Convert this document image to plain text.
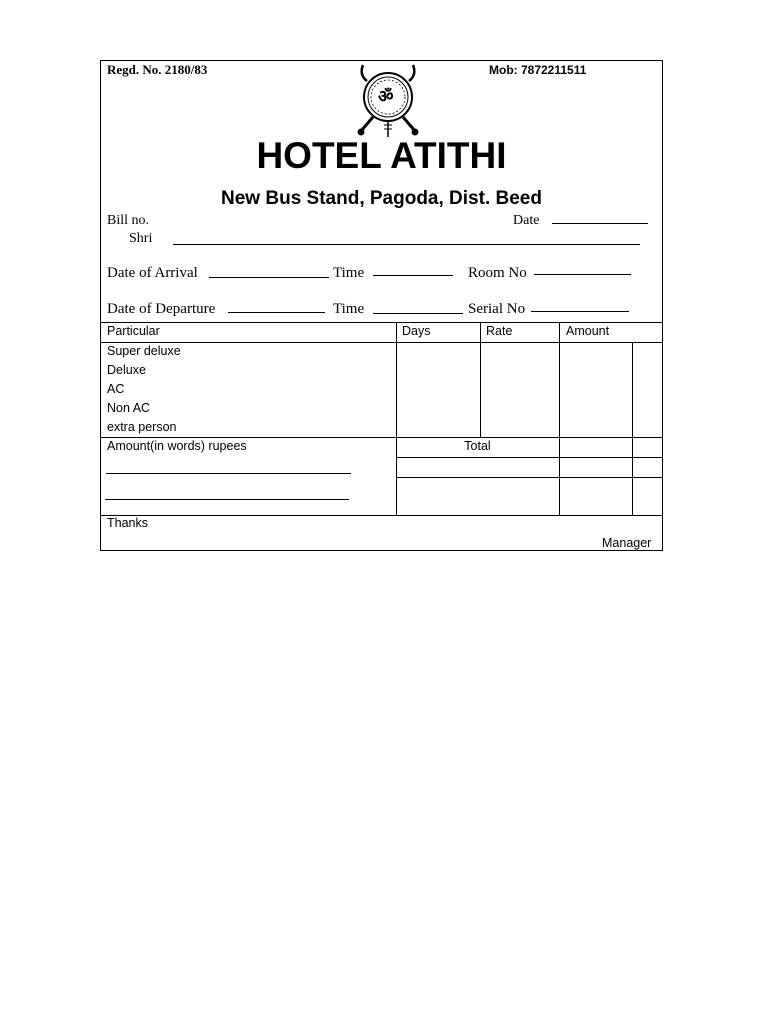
Regd. No. 2180/83	Mob: 7872211511
ॐ
HOTEL ATITHI
New Bus Stand, Pagoda, Dist. Beed
Bill no.	Date
Shri
Date of Arrival	Time	Room No
Date of Departure	Time	Serial No
Particular	Days	Rate	Amount
Super deluxe
Deluxe
AC
Non AC
extra person
Amount(in words) rupees	Total
Thanks
Manager
